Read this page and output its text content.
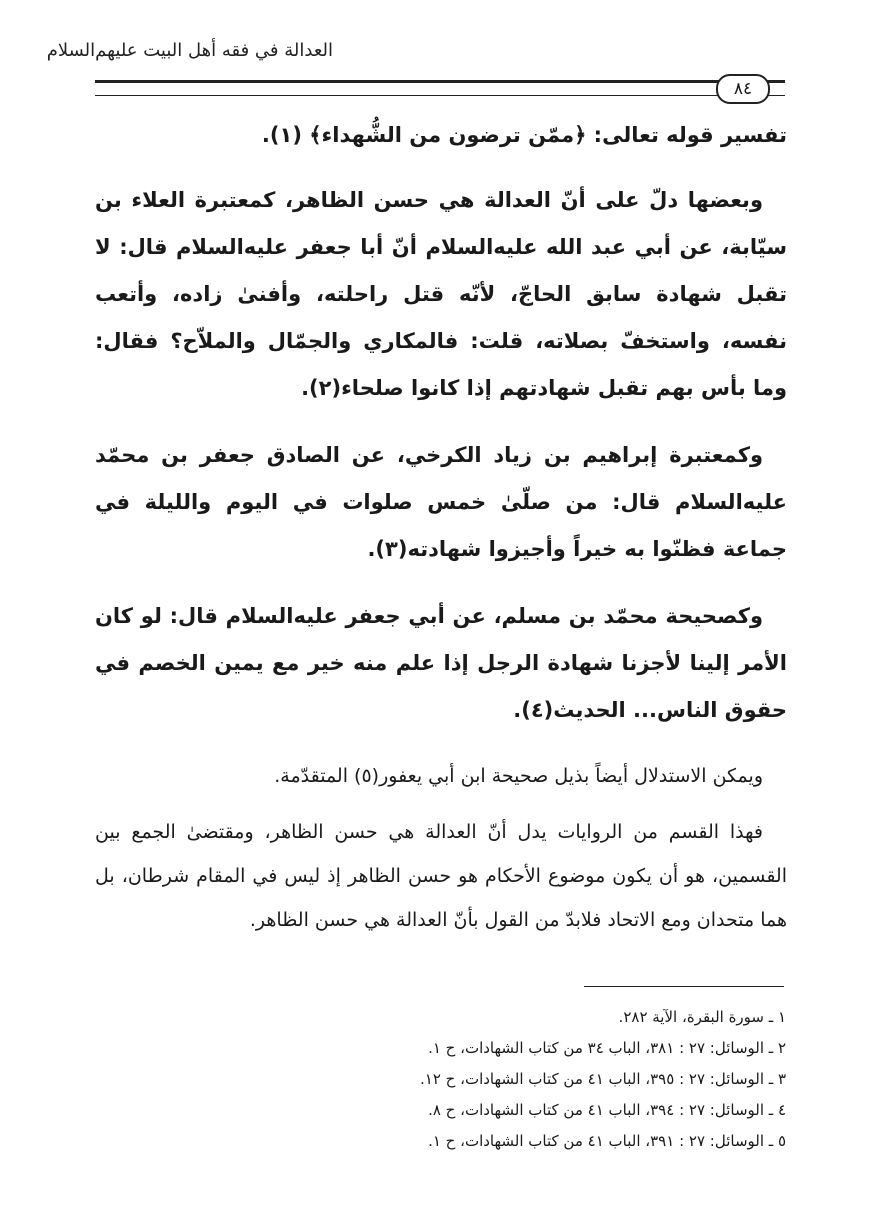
العدالة في فقه أهل البيت عليهم‌السلام
٨٤

تفسير قوله تعالى: ﴿ممّن ترضون من الشُّهداء﴾ (١).

وبعضها دلّ على أنّ العدالة هي حسن الظاهر، كمعتبرة العلاء بن سيّابة، عن أبي عبد الله عليه‌السلام أنّ أبا جعفر عليه‌السلام قال: لا تقبل شهادة سابق الحاجّ، لأنّه قتل راحلته، وأفنىٰ زاده، وأتعب نفسه، واستخفّ بصلاته، قلت: فالمكاري والجمّال والملاّح؟ فقال: وما بأس بهم تقبل شهادتهم إذا كانوا صلحاء(٢).

وكمعتبرة إبراهيم بن زياد الكرخي، عن الصادق جعفر بن محمّد عليه‌السلام قال: من صلّىٰ خمس صلوات في اليوم والليلة في جماعة فظنّوا به خيراً وأجيزوا شهادته(٣).

وكصحيحة محمّد بن مسلم، عن أبي جعفر عليه‌السلام قال: لو كان الأمر إلينا لأجزنا شهادة الرجل إذا علم منه خير مع يمين الخصم في حقوق الناس... الحديث(٤).

ويمكن الاستدلال أيضاً بذيل صحيحة ابن أبي يعفور(٥) المتقدّمة.

فهذا القسم من الروايات يدل أنّ العدالة هي حسن الظاهر، ومقتضىٰ الجمع بين القسمين، هو أن يكون موضوع الأحكام هو حسن الظاهر إذ ليس في المقام شرطان، بل هما متحدان ومع الاتحاد فلابدّ من القول بأنّ العدالة هي حسن الظاهر.

١ ـ سورة البقرة، الآية ٢٨٢.
٢ ـ الوسائل: ٢٧ : ٣٨١، الباب ٣٤ من كتاب الشهادات، ح ١.
٣ ـ الوسائل: ٢٧ : ٣٩٥، الباب ٤١ من كتاب الشهادات، ح ١٢.
٤ ـ الوسائل: ٢٧ : ٣٩٤، الباب ٤١ من كتاب الشهادات، ح ٨.
٥ ـ الوسائل: ٢٧ : ٣٩١، الباب ٤١ من كتاب الشهادات، ح ١.
